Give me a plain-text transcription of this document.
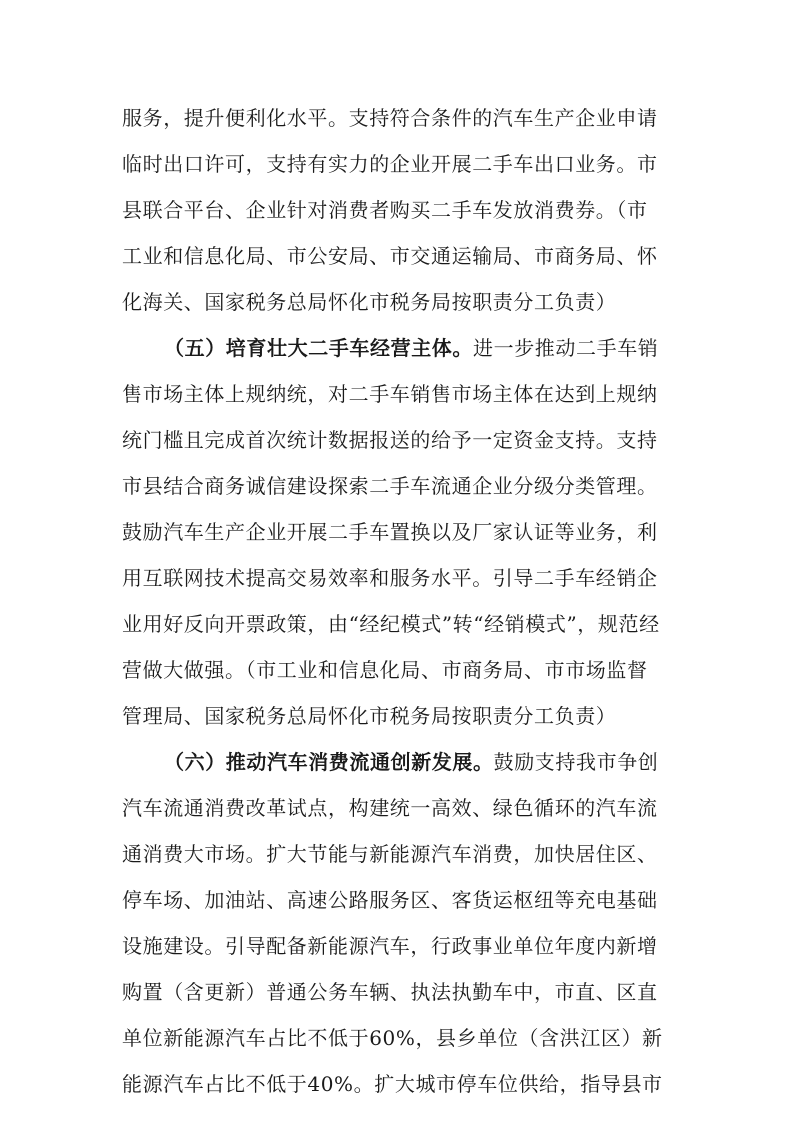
服务，提升便利化水平。支持符合条件的汽车生产企业申请
临时出口许可，支持有实力的企业开展二手车出口业务。市
县联合平台、企业针对消费者购买二手车发放消费券。（市
工业和信息化局、市公安局、市交通运输局、市商务局、怀
化海关、国家税务总局怀化市税务局按职责分工负责）
（五）培育壮大二手车经营主体。进一步推动二手车销
售市场主体上规纳统，对二手车销售市场主体在达到上规纳
统门槛且完成首次统计数据报送的给予一定资金支持。支持
市县结合商务诚信建设探索二手车流通企业分级分类管理。
鼓励汽车生产企业开展二手车置换以及厂家认证等业务，利
用互联网技术提高交易效率和服务水平。引导二手车经销企
业用好反向开票政策，由“经纪模式”转“经销模式”，规范经
营做大做强。（市工业和信息化局、市商务局、市市场监督
管理局、国家税务总局怀化市税务局按职责分工负责）
（六）推动汽车消费流通创新发展。鼓励支持我市争创
汽车流通消费改革试点，构建统一高效、绿色循环的汽车流
通消费大市场。扩大节能与新能源汽车消费，加快居住区、
停车场、加油站、高速公路服务区、客货运枢纽等充电基础
设施建设。引导配备新能源汽车，行政事业单位年度内新增
购置（含更新）普通公务车辆、执法执勤车中，市直、区直
单位新能源汽车占比不低于60%，县乡单位（含洪江区）新
能源汽车占比不低于40%。扩大城市停车位供给，指导县市
